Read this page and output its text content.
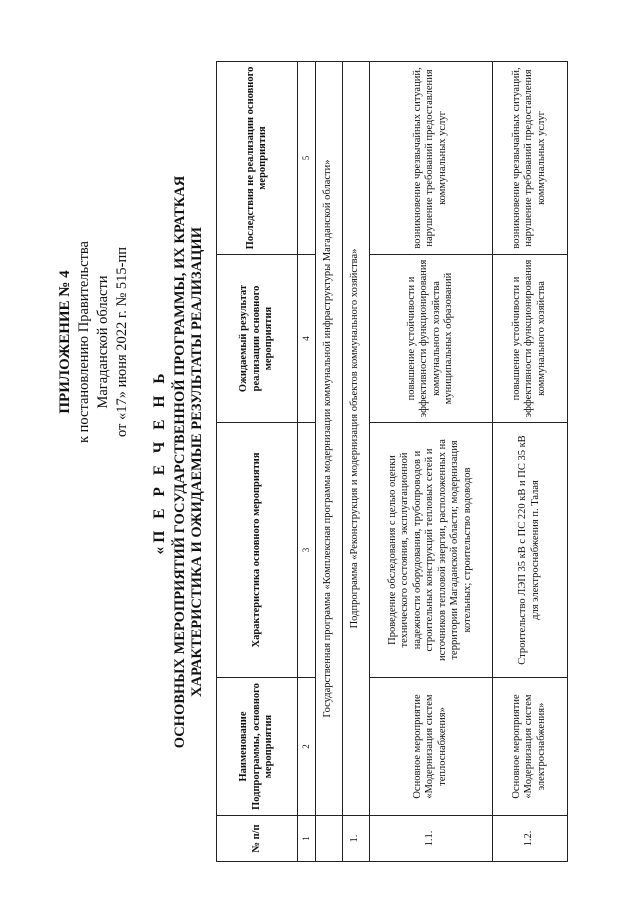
ПРИЛОЖЕНИЕ № 4 к постановлению Правительства Магаданской области от «17» июня 2022 г. № 515-пп
«П Е Р Е Ч Е Н Ь ОСНОВНЫХ МЕРОПРИЯТИЙ ГОСУДАРСТВЕННОЙ ПРОГРАММЫ, ИХ КРАТКАЯ ХАРАКТЕРИСТИКА И ОЖИДАЕМЫЕ РЕЗУЛЬТАТЫ РЕАЛИЗАЦИИ
№ п/п	Наименование Подпрограммы, основного мероприятия	Характеристика основного мероприятия	Ожидаемый результат реализации основного мероприятия	Последствия не реализации основного мероприятия
1	2	3	4	5
	Государственная программа «Комплексная программа модернизации коммунальной инфраструктуры Магаданской области»			
1.	Подпрограмма «Реконструкция и модернизация объектов коммунального хозяйства»			
1.1.	Основное мероприятие «Модернизация систем теплоснабжения»	Проведение обследования с целью оценки технического состояния, эксплуатационной надежности оборудования, трубопроводов и строительных конструкций тепловых сетей и источников тепловой энергии, расположенных на территории Магаданской области; модернизация котельных; строительство водоводов	повышение устойчивости и эффективности функционирования коммунального хозяйства муниципальных образований	возникновение чрезвычайных ситуаций, нарушение требований предоставления коммунальных услуг
1.2.	Основное мероприятие «Модернизация систем электроснабжения»	Строительство ЛЭП 35 кВ с ПС 220 кВ и ПС 35 кВ для электроснабжения п. Талая	повышение устойчивости и эффективности функционирования коммунального хозяйства	возникновение чрезвычайных ситуаций, нарушение требований предоставления коммунальных услуг
